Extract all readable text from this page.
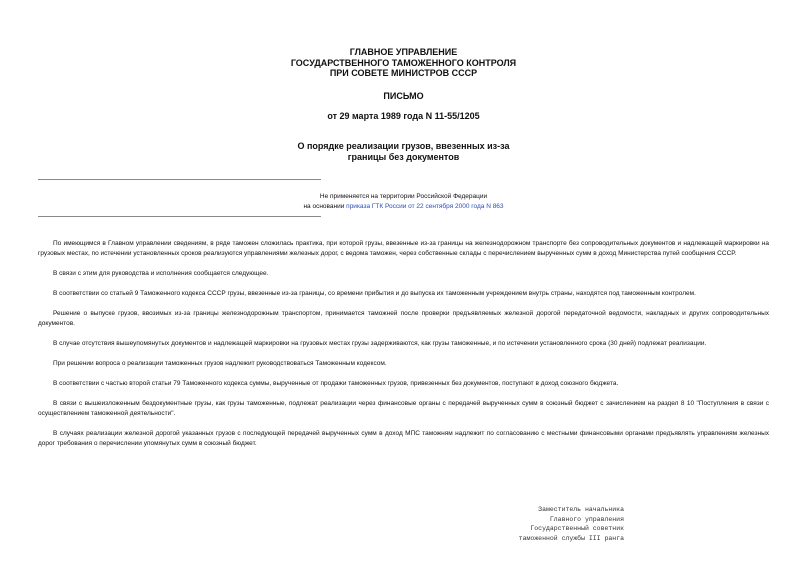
ГЛАВНОЕ УПРАВЛЕНИЕ
ГОСУДАРСТВЕННОГО ТАМОЖЕННОГО КОНТРОЛЯ
ПРИ СОВЕТЕ МИНИСТРОВ СССР
ПИСЬМО
от 29 марта 1989 года N 11-55/1205
О порядке реализации грузов, ввезенных из-за
границы без документов
Не применяется на территории Российской Федерации
на основании приказа ГТК России от 22 сентября 2000 года N 863

По имеющимся в Главном управлении сведениям, в ряде таможен сложилась практика, при которой грузы, ввезенные из-за границы на железнодорожном транспорте без сопроводительных документов и надлежащей маркировки на грузовых местах, по истечении установленных сроков реализуются управлениями железных дорог, с ведома таможен, через собственные склады с перечислением вырученных сумм в доход Министерства путей сообщения СССР.

В связи с этим для руководства и исполнения сообщается следующее.

В соответствии со статьей 9 Таможенного кодекса СССР грузы, ввезенные из-за границы, со времени прибытия и до выпуска их таможенным учреждением внутрь страны, находятся под таможенным контролем.

Решение о выпуске грузов, ввозимых из-за границы железнодорожным транспортом, принимается таможней после проверки предъявляемых железной дорогой передаточной ведомости, накладных и других сопроводительных документов.

В случае отсутствия вышеупомянутых документов и надлежащей маркировки на грузовых местах грузы задерживаются, как грузы таможенные, и по истечении установленного срока (30 дней) подлежат реализации.

При решении вопроса о реализации таможенных грузов надлежит руководствоваться Таможенным кодексом.

В соответствии с частью второй статьи 79 Таможенного кодекса суммы, вырученные от продажи таможенных грузов, привезенных без документов, поступают в доход союзного бюджета.

В связи с вышеизложенным бездокументные грузы, как грузы таможенные, подлежат реализации через финансовые органы с передачей вырученных сумм в союзный бюджет с зачислением на раздел 8 10 "Поступления в связи с осуществлением таможенной деятельности".

В случаях реализации железной дорогой указанных грузов с последующей передачей вырученных сумм в доход МПС таможням надлежит по согласованию с местными финансовыми органами предъявлять управлениям железных дорог требования о перечислении упомянутых сумм в союзный бюджет.

Заместитель начальника
Главного управления
Государственный советник
таможенной службы III ранга
